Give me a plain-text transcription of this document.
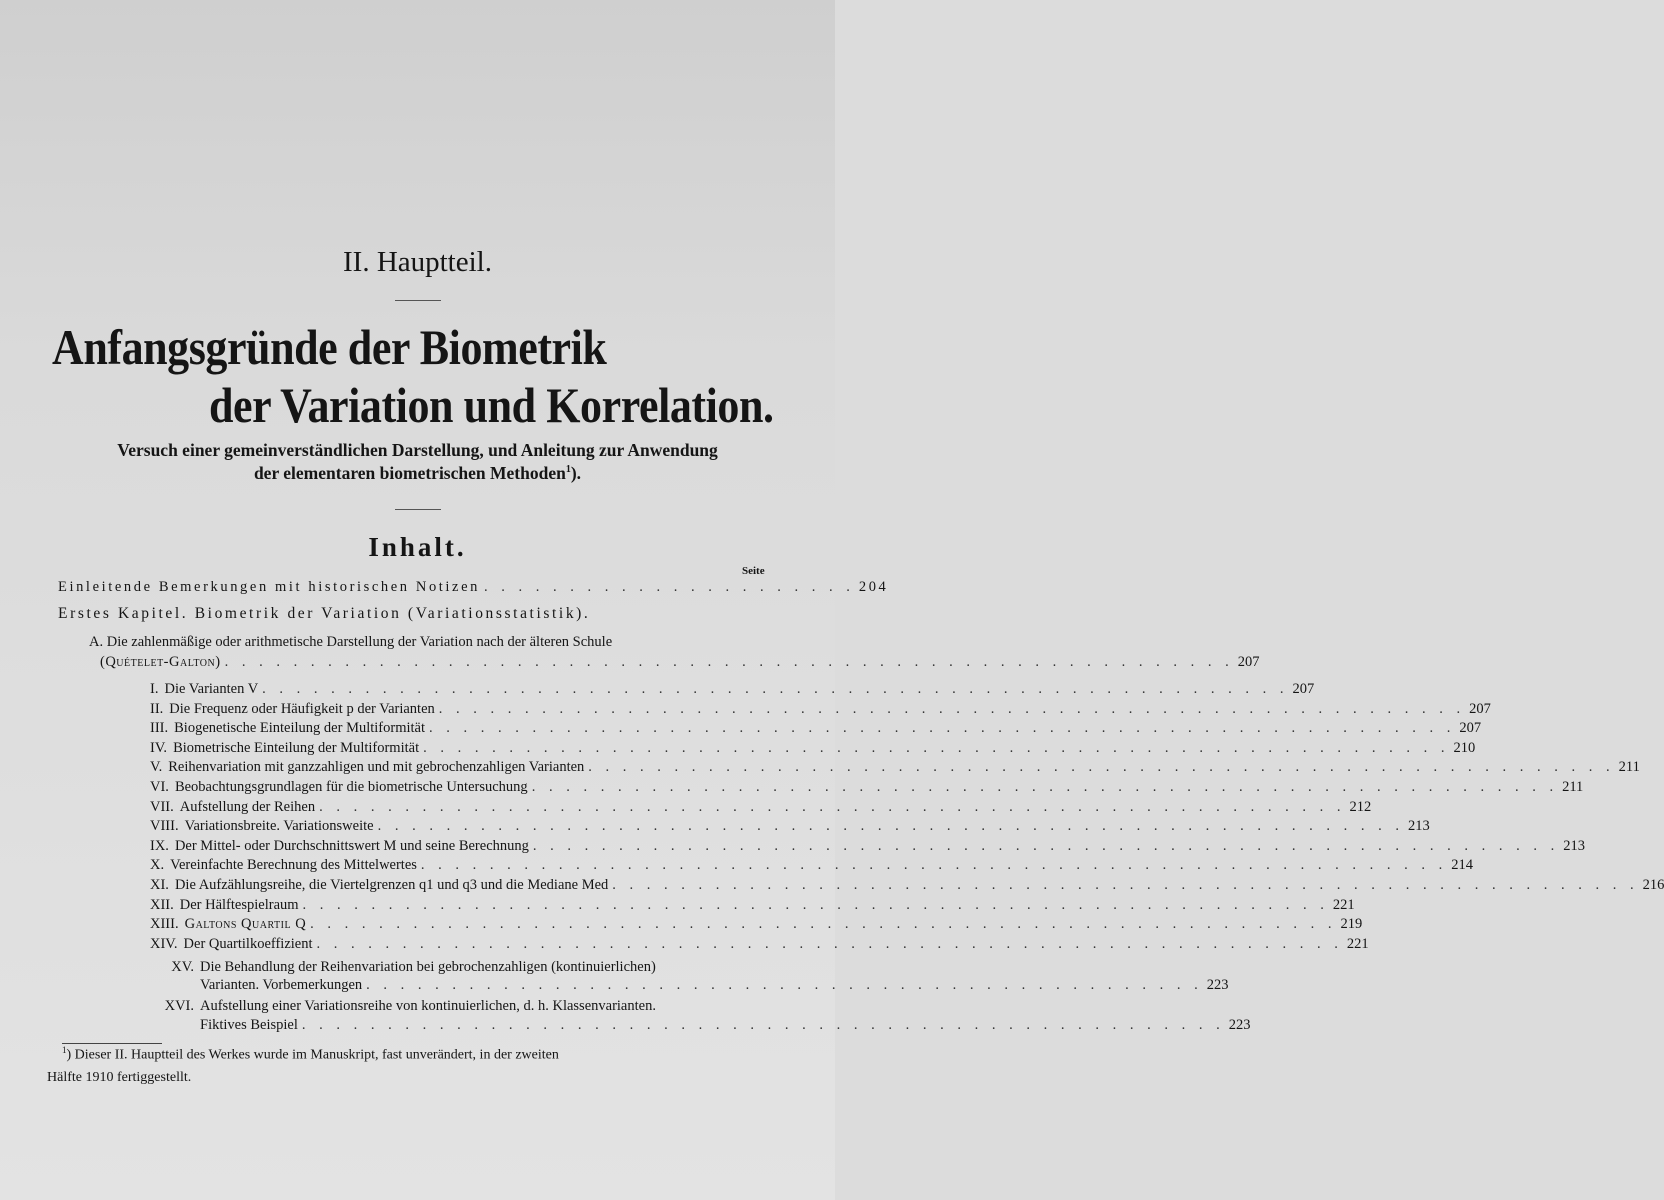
II. Hauptteil.
Anfangsgründe der Biometrik
der Variation und Korrelation.
Versuch einer gemeinverständlichen Darstellung, und Anleitung zur Anwendung
der elementaren biometrischen Methoden$^1$).
Inhalt.
Seite
Einleitende Bemerkungen mit historischen Notizen . . . . . . . . . . . . . . . . . . . . . . 204
Erstes Kapitel. Biometrik der Variation (Variationsstatistik).
A. Die zahlenmäßige oder arithmetische Darstellung der Variation nach der älteren Schule
(Quételet-Galton) . . . . . . . . . . . . . . . . . . . . . . . . . . . . . . . . . . . . . . . . . . . . . . . . . . . . . . . . . . . 207
I. Die Varianten V . . . . . . . . . . . . . . . . . . . . . . . . . . . . . . . . . . . . . . . . . . . . . . . . . . . . . . . . . . . . 207
II. Die Frequenz oder Häufigkeit p der Varianten . . . . . . . . . . . . . . . . . . . . . . . . . . . . . . . . . . . . . . . . . . . . . . . . . . . . . . . . . . . . 207
III. Biogenetische Einteilung der Multiformität . . . . . . . . . . . . . . . . . . . . . . . . . . . . . . . . . . . . . . . . . . . . . . . . . . . . . . . . . . . . 207
IV. Biometrische Einteilung der Multiformität . . . . . . . . . . . . . . . . . . . . . . . . . . . . . . . . . . . . . . . . . . . . . . . . . . . . . . . . . . . . 210
V. Reihenvariation mit ganzzahligen und mit gebrochenzahligen Varianten . . . . . . . . . . . . . . . . . . . . . . . . . . . . . . . . . . . . . . . . . . . . . . . . . . . . . . . . . . . . 211
VI. Beobachtungsgrundlagen für die biometrische Untersuchung . . . . . . . . . . . . . . . . . . . . . . . . . . . . . . . . . . . . . . . . . . . . . . . . . . . . . . . . . . . . 211
VII. Aufstellung der Reihen . . . . . . . . . . . . . . . . . . . . . . . . . . . . . . . . . . . . . . . . . . . . . . . . . . . . . . . . . . . . 212
VIII. Variationsbreite. Variationsweite . . . . . . . . . . . . . . . . . . . . . . . . . . . . . . . . . . . . . . . . . . . . . . . . . . . . . . . . . . . . 213
IX. Der Mittel- oder Durchschnittswert M und seine Berechnung . . . . . . . . . . . . . . . . . . . . . . . . . . . . . . . . . . . . . . . . . . . . . . . . . . . . . . . . . . . . 213
X. Vereinfachte Berechnung des Mittelwertes . . . . . . . . . . . . . . . . . . . . . . . . . . . . . . . . . . . . . . . . . . . . . . . . . . . . . . . . . . . . 214
XI. Die Aufzählungsreihe, die Viertelgrenzen q1 und q3 und die Mediane Med . . . . . . . . . . . . . . . . . . . . . . . . . . . . . . . . . . . . . . . . . . . . . . . . . . . . . . . . . . . . 216
XII. Der Hälftespielraum . . . . . . . . . . . . . . . . . . . . . . . . . . . . . . . . . . . . . . . . . . . . . . . . . . . . . . . . . . . . 221
XIII. Galtons Quartil Q . . . . . . . . . . . . . . . . . . . . . . . . . . . . . . . . . . . . . . . . . . . . . . . . . . . . . . . . . . . . 219
XIV. Der Quartilkoeffizient . . . . . . . . . . . . . . . . . . . . . . . . . . . . . . . . . . . . . . . . . . . . . . . . . . . . . . . . . . . . 221
XV. Die Behandlung der Reihenvariation bei gebrochenzahligen (kontinuierlichen)
Varianten. Vorbemerkungen . . . . . . . . . . . . . . . . . . . . . . . . . . . . . . . . . . . . . . . . . . . . . . . . . 223
XVI. Aufstellung einer Variationsreihe von kontinuierlichen, d. h. Klassenvarianten.
Fiktives Beispiel . . . . . . . . . . . . . . . . . . . . . . . . . . . . . . . . . . . . . . . . . . . . . . . . . . . . . . 223
$^1$) Dieser II. Hauptteil des Werkes wurde im Manuskript, fast unverändert, in der zweiten
Hälfte 1910 fertiggestellt.
